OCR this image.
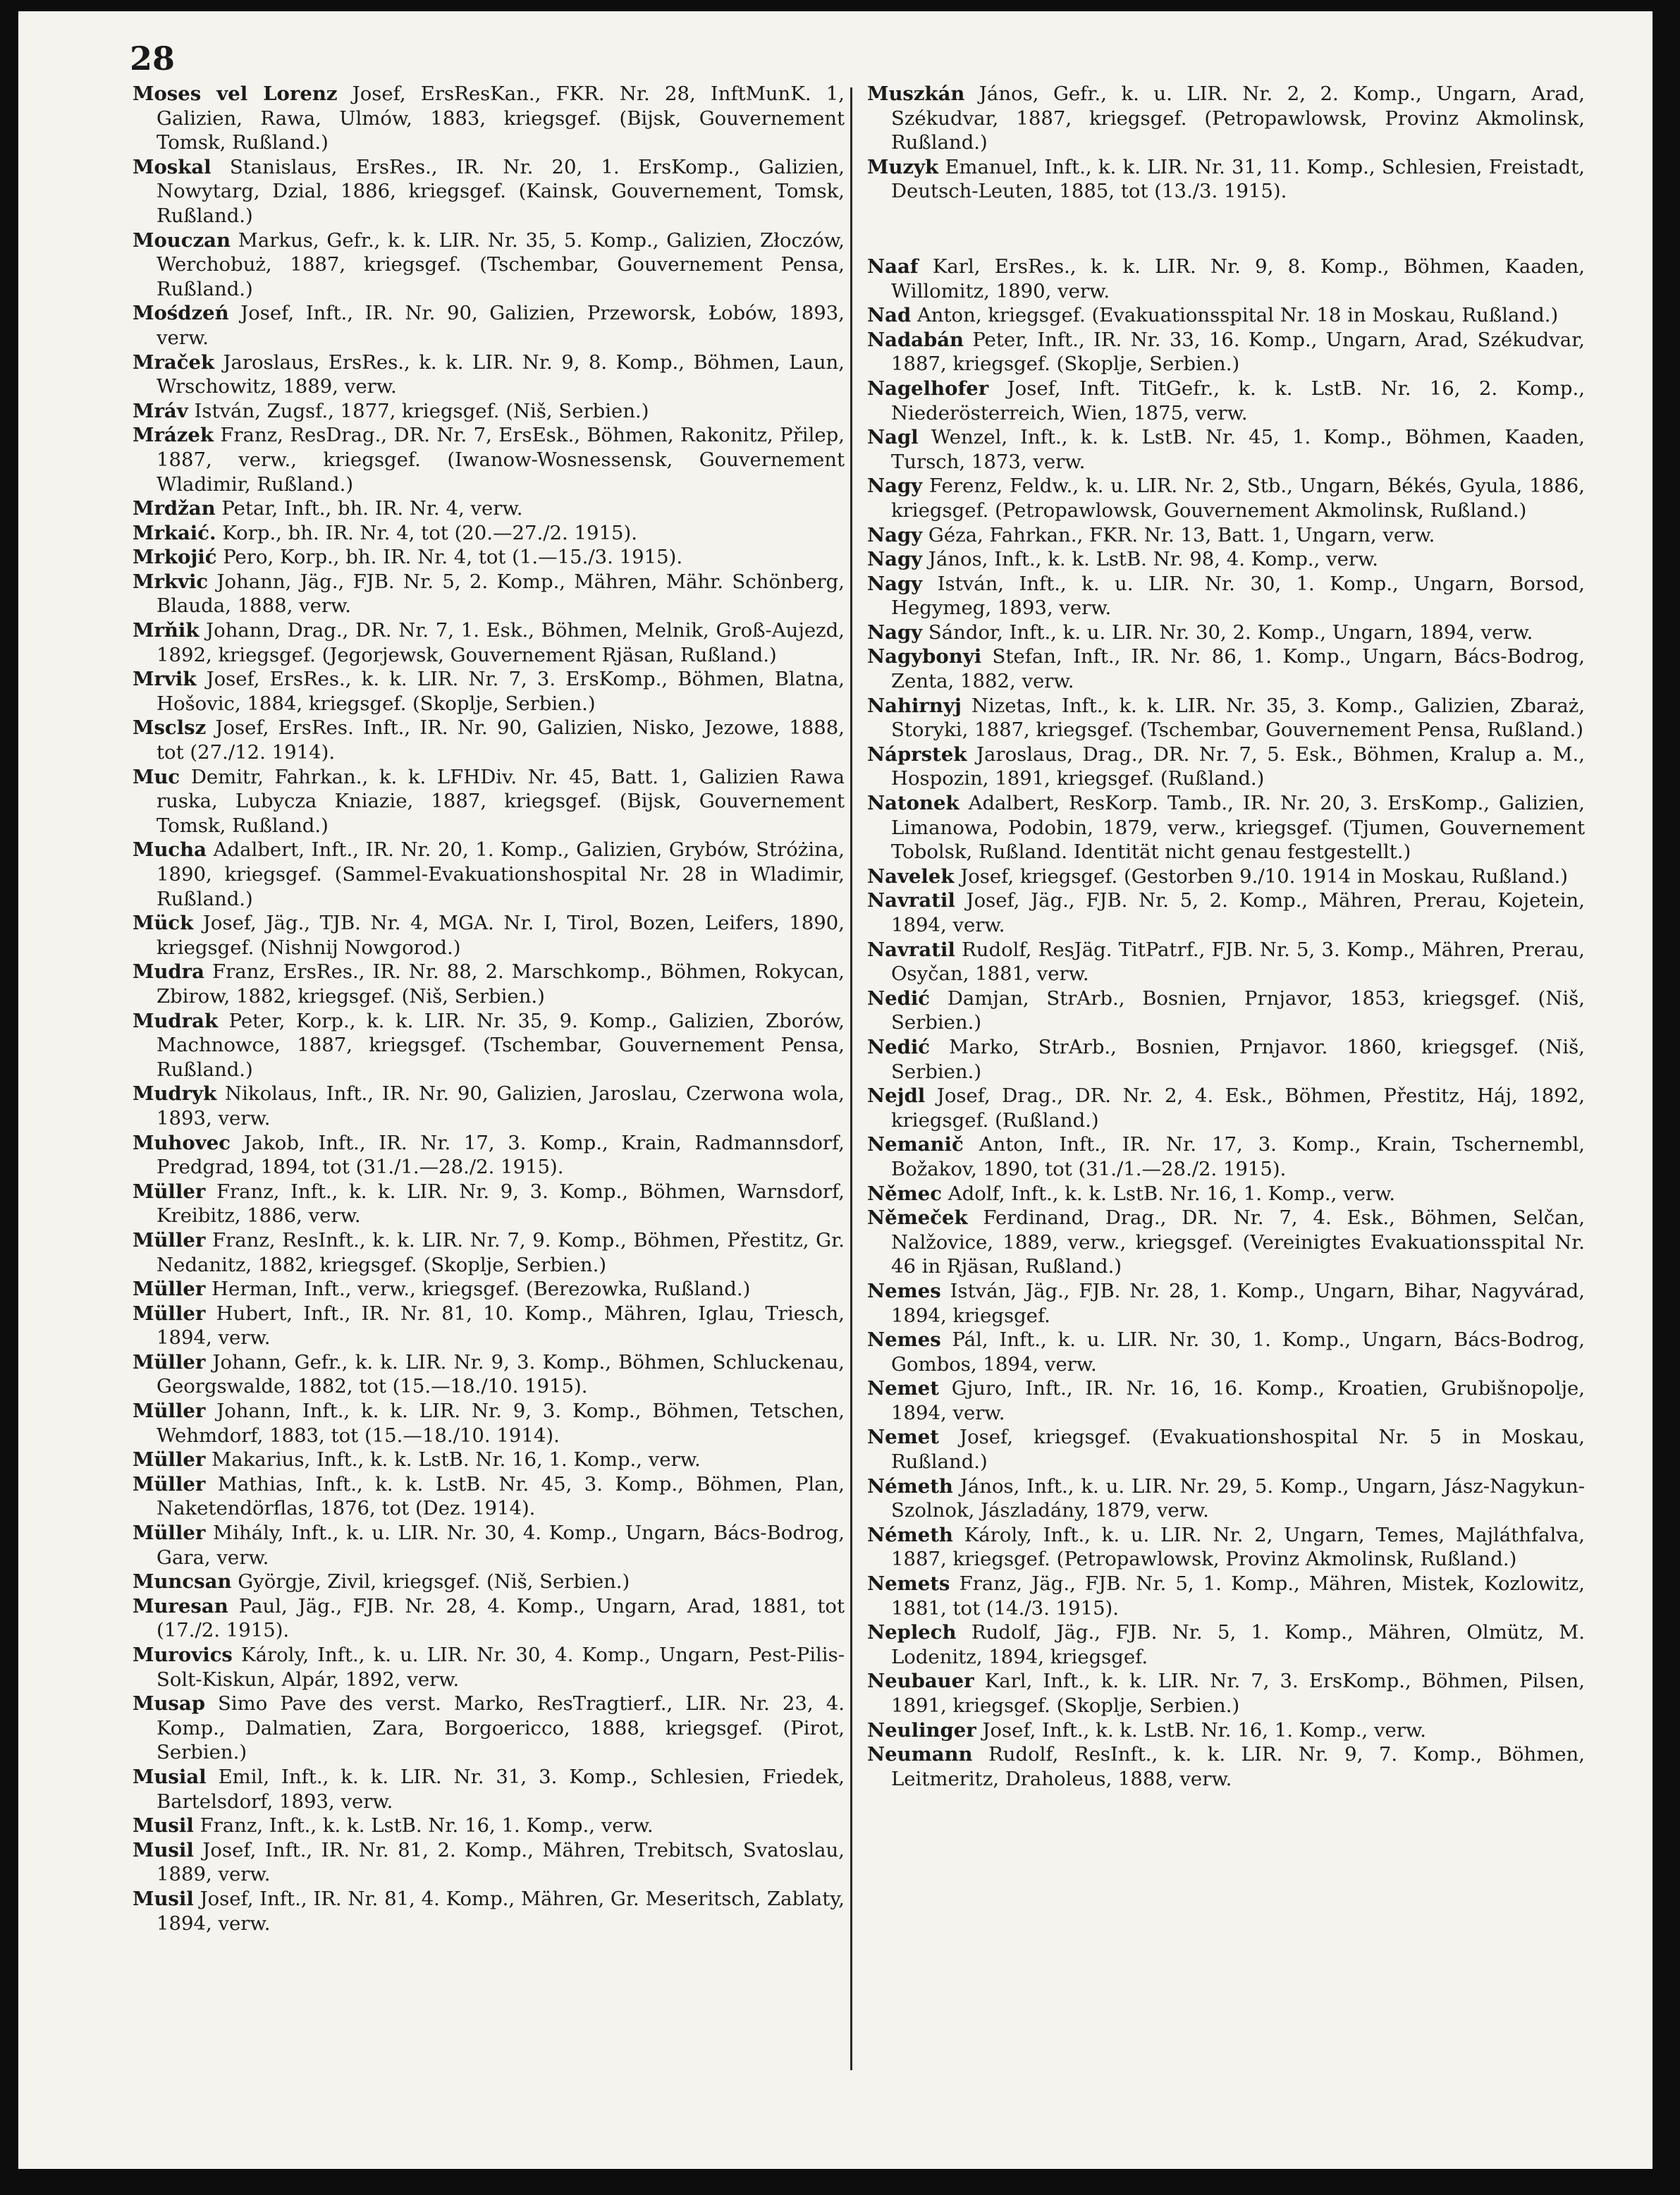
28

Moses vel Lorenz Josef, ErsResKan., FKR. Nr. 28, InftMunK. 1, Galizien, Rawa, Ulmów, 1883, kriegsgef. (Bijsk, Gouvernement Tomsk, Rußland.)

Moskal Stanislaus, ErsRes., IR. Nr. 20, 1. ErsKomp., Galizien, Nowytarg, Dzial, 1886, kriegsgef. (Kainsk, Gouvernement, Tomsk, Rußland.)

Mouczan Markus, Gefr., k. k. LIR. Nr. 35, 5. Komp., Galizien, Złoczów, Werchobuż, 1887, kriegsgef. (Tschembar, Gouvernement Pensa, Rußland.)

Mośdzeń Josef, Inft., IR. Nr. 90, Galizien, Przeworsk, Łobów, 1893, verw.

Mraček Jaroslaus, ErsRes., k. k. LIR. Nr. 9, 8. Komp., Böhmen, Laun, Wrschowitz, 1889, verw.

Mráv István, Zugsf., 1877, kriegsgef. (Niš, Serbien.)

Mrázek Franz, ResDrag., DR. Nr. 7, ErsEsk., Böhmen, Rakonitz, Přilep, 1887, verw., kriegsgef. (Iwanow-Wosnessensk, Gouvernement Wladimir, Rußland.)

Mrdžan Petar, Inft., bh. IR. Nr. 4, verw.

Mrkaić. Korp., bh. IR. Nr. 4, tot (20.—27./2. 1915).

Mrkojić Pero, Korp., bh. IR. Nr. 4, tot (1.—15./3. 1915).

Mrkvic Johann, Jäg., FJB. Nr. 5, 2. Komp., Mähren, Mähr. Schönberg, Blauda, 1888, verw.

Mrňik Johann, Drag., DR. Nr. 7, 1. Esk., Böhmen, Melnik, Groß-Aujezd, 1892, kriegsgef. (Jegorjewsk, Gouvernement Rjäsan, Rußland.)

Mrvik Josef, ErsRes., k. k. LIR. Nr. 7, 3. ErsKomp., Böhmen, Blatna, Hošovic, 1884, kriegsgef. (Skoplje, Serbien.)

Msclsz Josef, ErsRes. Inft., IR. Nr. 90, Galizien, Nisko, Jezowe, 1888, tot (27./12. 1914).

Muc Demitr, Fahrkan., k. k. LFHDiv. Nr. 45, Batt. 1, Galizien Rawa ruska, Lubycza Kniazie, 1887, kriegsgef. (Bijsk, Gouvernement Tomsk, Rußland.)

Mucha Adalbert, Inft., IR. Nr. 20, 1. Komp., Galizien, Grybów, Stróżina, 1890, kriegsgef. (Sammel-Evakuationshospital Nr. 28 in Wladimir, Rußland.)

Mück Josef, Jäg., TJB. Nr. 4, MGA. Nr. I, Tirol, Bozen, Leifers, 1890, kriegsgef. (Nishnij Nowgorod.)

Mudra Franz, ErsRes., IR. Nr. 88, 2. Marschkomp., Böhmen, Rokycan, Zbirow, 1882, kriegsgef. (Niš, Serbien.)

Mudrak Peter, Korp., k. k. LIR. Nr. 35, 9. Komp., Galizien, Zborów, Machnowce, 1887, kriegsgef. (Tschembar, Gouvernement Pensa, Rußland.)

Mudryk Nikolaus, Inft., IR. Nr. 90, Galizien, Jaroslau, Czerwona wola, 1893, verw.

Muhovec Jakob, Inft., IR. Nr. 17, 3. Komp., Krain, Radmannsdorf, Predgrad, 1894, tot (31./1.—28./2. 1915).

Müller Franz, Inft., k. k. LIR. Nr. 9, 3. Komp., Böhmen, Warnsdorf, Kreibitz, 1886, verw.

Müller Franz, ResInft., k. k. LIR. Nr. 7, 9. Komp., Böhmen, Přestitz, Gr. Nedanitz, 1882, kriegsgef. (Skoplje, Serbien.)

Müller Herman, Inft., verw., kriegsgef. (Berezowka, Rußland.)

Müller Hubert, Inft., IR. Nr. 81, 10. Komp., Mähren, Iglau, Triesch, 1894, verw.

Müller Johann, Gefr., k. k. LIR. Nr. 9, 3. Komp., Böhmen, Schluckenau, Georgswalde, 1882, tot (15.—18./10. 1915).

Müller Johann, Inft., k. k. LIR. Nr. 9, 3. Komp., Böhmen, Tetschen, Wehmdorf, 1883, tot (15.—18./10. 1914).

Müller Makarius, Inft., k. k. LstB. Nr. 16, 1. Komp., verw.

Müller Mathias, Inft., k. k. LstB. Nr. 45, 3. Komp., Böhmen, Plan, Naketendörflas, 1876, tot (Dez. 1914).

Müller Mihály, Inft., k. u. LIR. Nr. 30, 4. Komp., Ungarn, Bács-Bodrog, Gara, verw.

Muncsan Györgje, Zivil, kriegsgef. (Niš, Serbien.)

Muresan Paul, Jäg., FJB. Nr. 28, 4. Komp., Ungarn, Arad, 1881, tot (17./2. 1915).

Murovics Károly, Inft., k. u. LIR. Nr. 30, 4. Komp., Ungarn, Pest-Pilis-Solt-Kiskun, Alpár, 1892, verw.

Musap Simo Pave des verst. Marko, ResTragtierf., LIR. Nr. 23, 4. Komp., Dalmatien, Zara, Borgoericco, 1888, kriegsgef. (Pirot, Serbien.)

Musial Emil, Inft., k. k. LIR. Nr. 31, 3. Komp., Schlesien, Friedek, Bartelsdorf, 1893, verw.

Musil Franz, Inft., k. k. LstB. Nr. 16, 1. Komp., verw.

Musil Josef, Inft., IR. Nr. 81, 2. Komp., Mähren, Trebitsch, Svatoslau, 1889, verw.

Musil Josef, Inft., IR. Nr. 81, 4. Komp., Mähren, Gr. Meseritsch, Zablaty, 1894, verw.

Muszkán János, Gefr., k. u. LIR. Nr. 2, 2. Komp., Ungarn, Arad, Székudvar, 1887, kriegsgef. (Petropawlowsk, Provinz Akmolinsk, Rußland.)

Muzyk Emanuel, Inft., k. k. LIR. Nr. 31, 11. Komp., Schlesien, Freistadt, Deutsch-Leuten, 1885, tot (13./3. 1915).

Naaf Karl, ErsRes., k. k. LIR. Nr. 9, 8. Komp., Böhmen, Kaaden, Willomitz, 1890, verw.

Nad Anton, kriegsgef. (Evakuationsspital Nr. 18 in Moskau, Rußland.)

Nadabán Peter, Inft., IR. Nr. 33, 16. Komp., Ungarn, Arad, Székudvar, 1887, kriegsgef. (Skoplje, Serbien.)

Nagelhofer Josef, Inft. TitGefr., k. k. LstB. Nr. 16, 2. Komp., Niederösterreich, Wien, 1875, verw.

Nagl Wenzel, Inft., k. k. LstB. Nr. 45, 1. Komp., Böhmen, Kaaden, Tursch, 1873, verw.

Nagy Ferenz, Feldw., k. u. LIR. Nr. 2, Stb., Ungarn, Békés, Gyula, 1886, kriegsgef. (Petropawlowsk, Gouvernement Akmolinsk, Rußland.)

Nagy Géza, Fahrkan., FKR. Nr. 13, Batt. 1, Ungarn, verw.

Nagy János, Inft., k. k. LstB. Nr. 98, 4. Komp., verw.

Nagy István, Inft., k. u. LIR. Nr. 30, 1. Komp., Ungarn, Borsod, Hegymeg, 1893, verw.

Nagy Sándor, Inft., k. u. LIR. Nr. 30, 2. Komp., Ungarn, 1894, verw.

Nagybonyi Stefan, Inft., IR. Nr. 86, 1. Komp., Ungarn, Bács-Bodrog, Zenta, 1882, verw.

Nahirnyj Nizetas, Inft., k. k. LIR. Nr. 35, 3. Komp., Galizien, Zbaraż, Storyki, 1887, kriegsgef. (Tschembar, Gouvernement Pensa, Rußland.)

Náprstek Jaroslaus, Drag., DR. Nr. 7, 5. Esk., Böhmen, Kralup a. M., Hospozin, 1891, kriegsgef. (Rußland.)

Natonek Adalbert, ResKorp. Tamb., IR. Nr. 20, 3. ErsKomp., Galizien, Limanowa, Podobin, 1879, verw., kriegsgef. (Tjumen, Gouvernement Tobolsk, Rußland. Identität nicht genau festgestellt.)

Navelek Josef, kriegsgef. (Gestorben 9./10. 1914 in Moskau, Rußland.)

Navratil Josef, Jäg., FJB. Nr. 5, 2. Komp., Mähren, Prerau, Kojetein, 1894, verw.

Navratil Rudolf, ResJäg. TitPatrf., FJB. Nr. 5, 3. Komp., Mähren, Prerau, Osyčan, 1881, verw.

Nedić Damjan, StrArb., Bosnien, Prnjavor, 1853, kriegsgef. (Niš, Serbien.)

Nedić Marko, StrArb., Bosnien, Prnjavor. 1860, kriegsgef. (Niš, Serbien.)

Nejdl Josef, Drag., DR. Nr. 2, 4. Esk., Böhmen, Přestitz, Háj, 1892, kriegsgef. (Rußland.)

Nemanič Anton, Inft., IR. Nr. 17, 3. Komp., Krain, Tschernembl, Božakov, 1890, tot (31./1.—28./2. 1915).

Němec Adolf, Inft., k. k. LstB. Nr. 16, 1. Komp., verw.

Němeček Ferdinand, Drag., DR. Nr. 7, 4. Esk., Böhmen, Selčan, Nalžovice, 1889, verw., kriegsgef. (Vereinigtes Evakuationsspital Nr. 46 in Rjäsan, Rußland.)

Nemes István, Jäg., FJB. Nr. 28, 1. Komp., Ungarn, Bihar, Nagyvárad, 1894, kriegsgef.

Nemes Pál, Inft., k. u. LIR. Nr. 30, 1. Komp., Ungarn, Bács-Bodrog, Gombos, 1894, verw.

Nemet Gjuro, Inft., IR. Nr. 16, 16. Komp., Kroatien, Grubišnopolje, 1894, verw.

Nemet Josef, kriegsgef. (Evakuationshospital Nr. 5 in Moskau, Rußland.)

Németh János, Inft., k. u. LIR. Nr. 29, 5. Komp., Ungarn, Jász-Nagykun-Szolnok, Jászladány, 1879, verw.

Németh Károly, Inft., k. u. LIR. Nr. 2, Ungarn, Temes, Majláthfalva, 1887, kriegsgef. (Petropawlowsk, Provinz Akmolinsk, Rußland.)

Nemets Franz, Jäg., FJB. Nr. 5, 1. Komp., Mähren, Mistek, Kozlowitz, 1881, tot (14./3. 1915).

Neplech Rudolf, Jäg., FJB. Nr. 5, 1. Komp., Mähren, Olmütz, M. Lodenitz, 1894, kriegsgef.

Neubauer Karl, Inft., k. k. LIR. Nr. 7, 3. ErsKomp., Böhmen, Pilsen, 1891, kriegsgef. (Skoplje, Serbien.)

Neulinger Josef, Inft., k. k. LstB. Nr. 16, 1. Komp., verw.

Neumann Rudolf, ResInft., k. k. LIR. Nr. 9, 7. Komp., Böhmen, Leitmeritz, Draholeus, 1888, verw.
